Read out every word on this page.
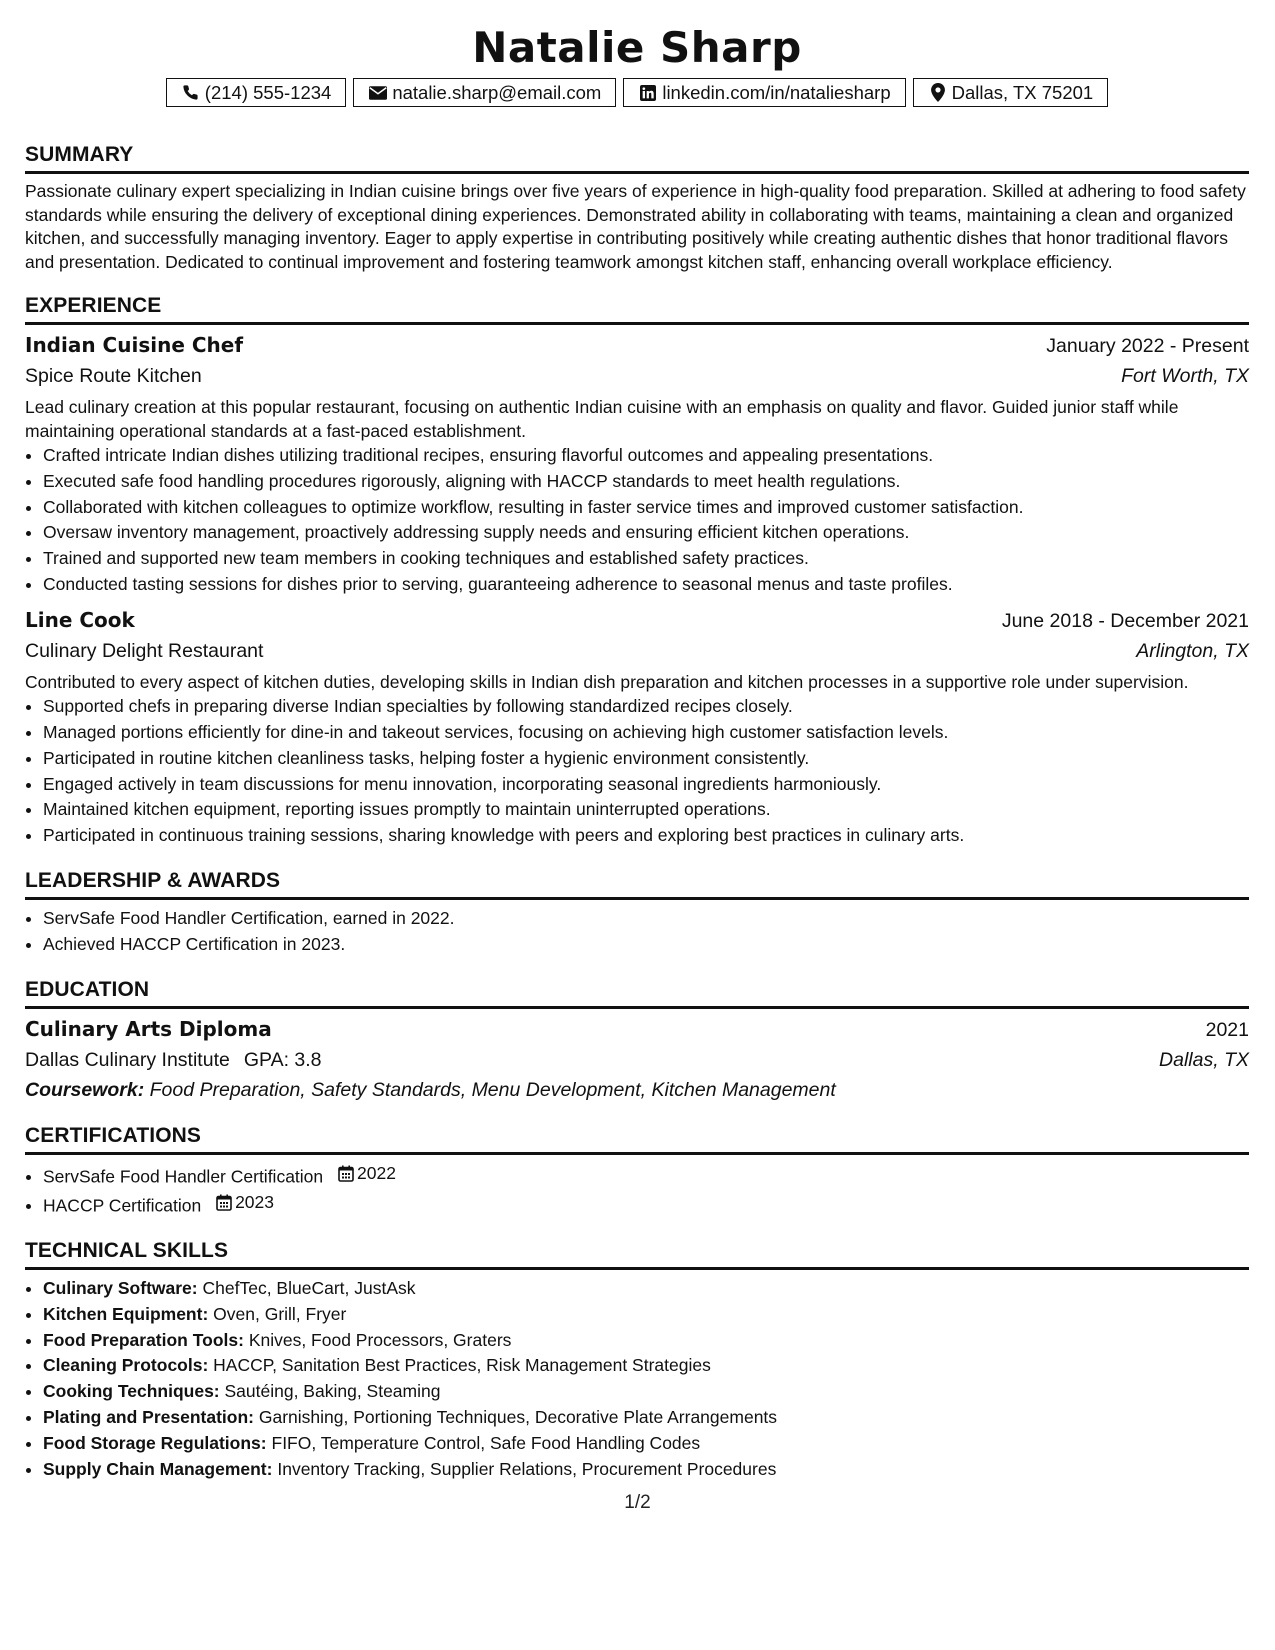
Natalie Sharp
(214) 555-1234	natalie.sharp@email.com	linkedin.com/in/nataliesharp	Dallas, TX 75201
SUMMARY
Passionate culinary expert specializing in Indian cuisine brings over five years of experience in high-quality food preparation. Skilled at adhering to food safety standards while ensuring the delivery of exceptional dining experiences. Demonstrated ability in collaborating with teams, maintaining a clean and organized kitchen, and successfully managing inventory. Eager to apply expertise in contributing positively while creating authentic dishes that honor traditional flavors and presentation. Dedicated to continual improvement and fostering teamwork amongst kitchen staff, enhancing overall workplace efficiency.
EXPERIENCE
Indian Cuisine Chef	January 2022 - Present
Spice Route Kitchen	Fort Worth, TX
Lead culinary creation at this popular restaurant, focusing on authentic Indian cuisine with an emphasis on quality and flavor. Guided junior staff while maintaining operational standards at a fast-paced establishment.
• Crafted intricate Indian dishes utilizing traditional recipes, ensuring flavorful outcomes and appealing presentations.
• Executed safe food handling procedures rigorously, aligning with HACCP standards to meet health regulations.
• Collaborated with kitchen colleagues to optimize workflow, resulting in faster service times and improved customer satisfaction.
• Oversaw inventory management, proactively addressing supply needs and ensuring efficient kitchen operations.
• Trained and supported new team members in cooking techniques and established safety practices.
• Conducted tasting sessions for dishes prior to serving, guaranteeing adherence to seasonal menus and taste profiles.
Line Cook	June 2018 - December 2021
Culinary Delight Restaurant	Arlington, TX
Contributed to every aspect of kitchen duties, developing skills in Indian dish preparation and kitchen processes in a supportive role under supervision.
• Supported chefs in preparing diverse Indian specialties by following standardized recipes closely.
• Managed portions efficiently for dine-in and takeout services, focusing on achieving high customer satisfaction levels.
• Participated in routine kitchen cleanliness tasks, helping foster a hygienic environment consistently.
• Engaged actively in team discussions for menu innovation, incorporating seasonal ingredients harmoniously.
• Maintained kitchen equipment, reporting issues promptly to maintain uninterrupted operations.
• Participated in continuous training sessions, sharing knowledge with peers and exploring best practices in culinary arts.
LEADERSHIP & AWARDS
• ServSafe Food Handler Certification, earned in 2022.
• Achieved HACCP Certification in 2023.
EDUCATION
Culinary Arts Diploma	2021
Dallas Culinary Institute GPA: 3.8	Dallas, TX
Coursework: Food Preparation, Safety Standards, Menu Development, Kitchen Management
CERTIFICATIONS
• ServSafe Food Handler Certification 2022
• HACCP Certification 2023
TECHNICAL SKILLS
• Culinary Software: ChefTec, BlueCart, JustAsk
• Kitchen Equipment: Oven, Grill, Fryer
• Food Preparation Tools: Knives, Food Processors, Graters
• Cleaning Protocols: HACCP, Sanitation Best Practices, Risk Management Strategies
• Cooking Techniques: Sautéing, Baking, Steaming
• Plating and Presentation: Garnishing, Portioning Techniques, Decorative Plate Arrangements
• Food Storage Regulations: FIFO, Temperature Control, Safe Food Handling Codes
• Supply Chain Management: Inventory Tracking, Supplier Relations, Procurement Procedures
1/2
